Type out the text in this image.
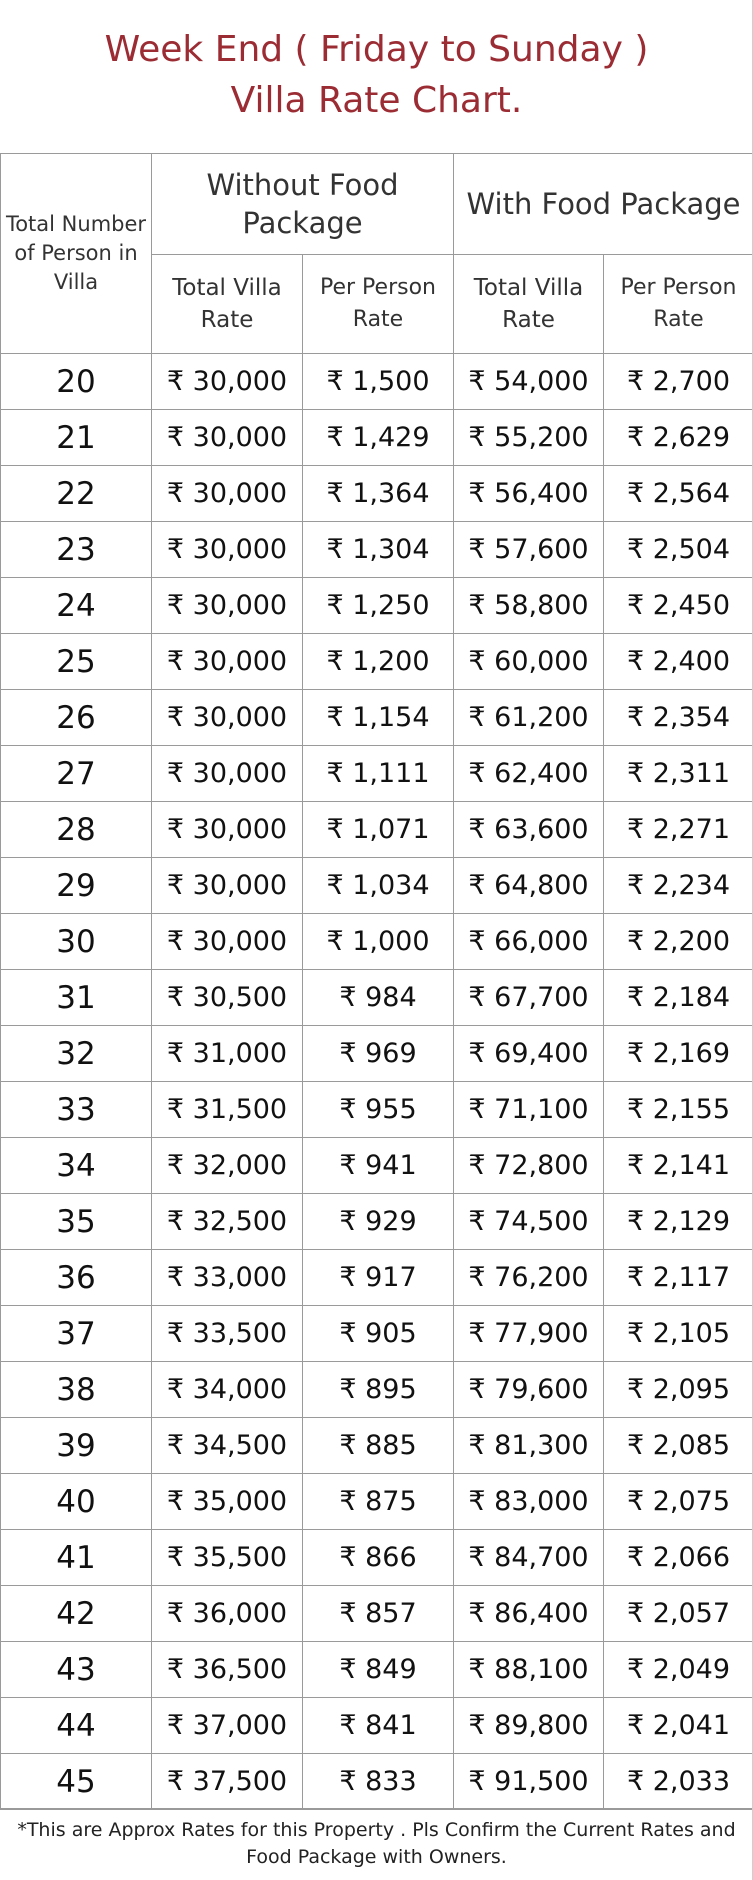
Week End ( Friday to Sunday )
Villa Rate Chart.
Total Number of Person in Villa	Without Food Package		With Food Package	
	Total Villa Rate	Per Person Rate	Total Villa Rate	Per Person Rate
20	₹ 30,000	₹ 1,500	₹ 54,000	₹ 2,700
21	₹ 30,000	₹ 1,429	₹ 55,200	₹ 2,629
22	₹ 30,000	₹ 1,364	₹ 56,400	₹ 2,564
23	₹ 30,000	₹ 1,304	₹ 57,600	₹ 2,504
24	₹ 30,000	₹ 1,250	₹ 58,800	₹ 2,450
25	₹ 30,000	₹ 1,200	₹ 60,000	₹ 2,400
26	₹ 30,000	₹ 1,154	₹ 61,200	₹ 2,354
27	₹ 30,000	₹ 1,111	₹ 62,400	₹ 2,311
28	₹ 30,000	₹ 1,071	₹ 63,600	₹ 2,271
29	₹ 30,000	₹ 1,034	₹ 64,800	₹ 2,234
30	₹ 30,000	₹ 1,000	₹ 66,000	₹ 2,200
31	₹ 30,500	₹ 984	₹ 67,700	₹ 2,184
32	₹ 31,000	₹ 969	₹ 69,400	₹ 2,169
33	₹ 31,500	₹ 955	₹ 71,100	₹ 2,155
34	₹ 32,000	₹ 941	₹ 72,800	₹ 2,141
35	₹ 32,500	₹ 929	₹ 74,500	₹ 2,129
36	₹ 33,000	₹ 917	₹ 76,200	₹ 2,117
37	₹ 33,500	₹ 905	₹ 77,900	₹ 2,105
38	₹ 34,000	₹ 895	₹ 79,600	₹ 2,095
39	₹ 34,500	₹ 885	₹ 81,300	₹ 2,085
40	₹ 35,000	₹ 875	₹ 83,000	₹ 2,075
41	₹ 35,500	₹ 866	₹ 84,700	₹ 2,066
42	₹ 36,000	₹ 857	₹ 86,400	₹ 2,057
43	₹ 36,500	₹ 849	₹ 88,100	₹ 2,049
44	₹ 37,000	₹ 841	₹ 89,800	₹ 2,041
45	₹ 37,500	₹ 833	₹ 91,500	₹ 2,033
*This are Approx Rates for this Property . Pls Confirm the Current Rates and Food Package with Owners.
